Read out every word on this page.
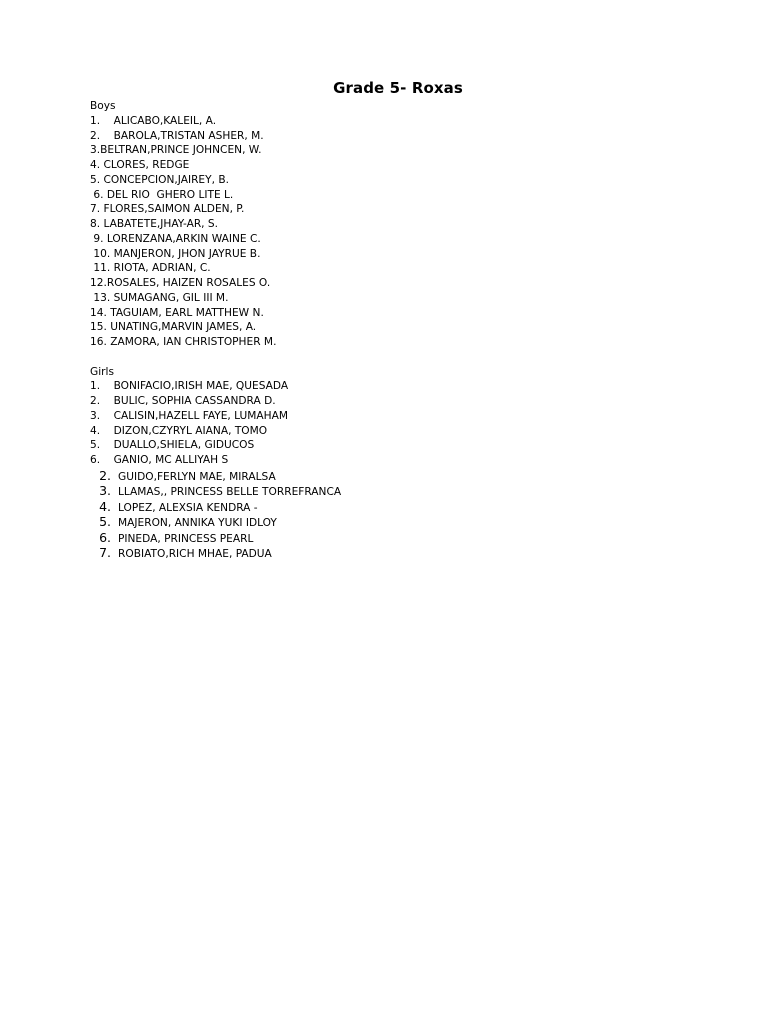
Grade 5- Roxas
Boys
1.    ALICABO,KALEIL, A.
2.    BAROLA,TRISTAN ASHER, M.
3.BELTRAN,PRINCE JOHNCEN, W.
4. CLORES, REDGE
5. CONCEPCION,JAIREY, B.
6. DEL RIO  GHERO LITE L.
7. FLORES,SAIMON ALDEN, P.
8. LABATETE,JHAY-AR, S.
9. LORENZANA,ARKIN WAINE C.
10. MANJERON, JHON JAYRUE B.
11. RIOTA, ADRIAN, C.
12.ROSALES, HAIZEN ROSALES O.
13. SUMAGANG, GIL III M.
14. TAGUIAM, EARL MATTHEW N.
15. UNATING,MARVIN JAMES, A.
16. ZAMORA, IAN CHRISTOPHER M.
Girls
1.    BONIFACIO,IRISH MAE, QUESADA
2.    BULIC, SOPHIA CASSANDRA D.
3.    CALISIN,HAZELL FAYE, LUMAHAM
4.    DIZON,CZYRYL AIANA, TOMO
5.    DUALLO,SHIELA, GIDUCOS
6.    GANIO, MC ALLIYAH S
2. GUIDO,FERLYN MAE, MIRALSA
3. LLAMAS,, PRINCESS BELLE TORREFRANCA
4. LOPEZ, ALEXSIA KENDRA -
5. MAJERON, ANNIKA YUKI IDLOY
6. PINEDA, PRINCESS PEARL
7. ROBIATO,RICH MHAE, PADUA
